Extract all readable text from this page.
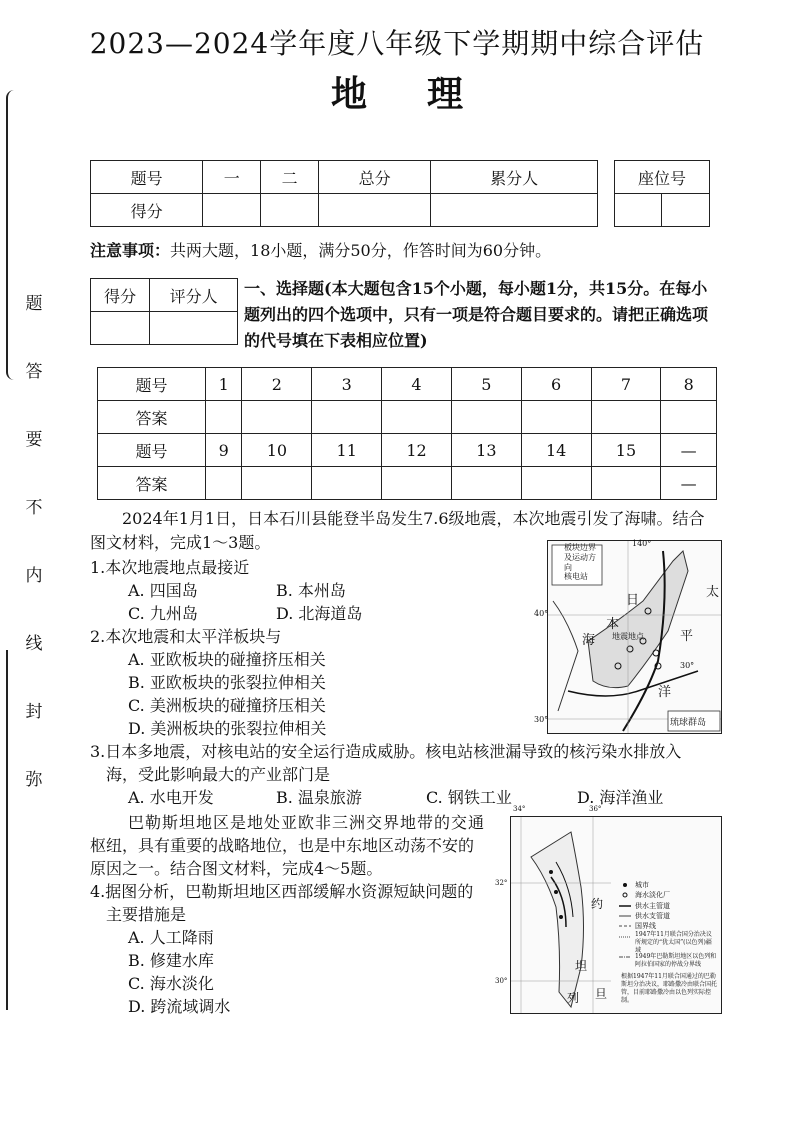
题
答
要
不
内
线
封
弥
2023—2024学年度八年级下学期期中综合评估
地理
题号	一	二	总分	累分人
得分				
座位号

注意事项：共两大题，18小题，满分50分，作答时间为60分钟。
得分	评分人
	一、选择题(本大题包含15个小题，每小题1分，共15分。在每小题列出的四个选项中，只有一项是符合题目要求的。请把正确选项的代号填在下表相应位置)
题号	1	2	3	4	5	6	7	8
答案								
题号	9	10	11	12	13	14	15	—
答案								—
2024年1月1日，日本石川县能登半岛发生7.6级地震，本次地震引发了海啸。结合图文材料，完成1～3题。
1.本次地震地点最接近
A. 四国岛	B. 本州岛
C. 九州岛	D. 北海道岛
2.本次地震和太平洋板块与
A. 亚欧板块的碰撞挤压相关
B. 亚欧板块的张裂拉伸相关
C. 美洲板块的碰撞挤压相关
D. 美洲板块的张裂拉伸相关
板块边界及运动方向
核电站
140°
40°
30°
30°
日
本
海 地震地点
太
平
洋
琉球群岛
3.日本多地震，对核电站的安全运行造成威胁。核电站核泄漏导致的核污染水排放入
海，受此影响最大的产业部门是
A. 水电开发	B. 温泉旅游	C. 钢铁工业	D. 海洋渔业
巴勒斯坦地区是地处亚欧非三洲交界地带的交通
枢纽，具有重要的战略地位，也是中东地区动荡不安的
原因之一。结合图文材料，完成4～5题。
4.据图分析，巴勒斯坦地区西部缓解水资源短缺问题的
主要措施是
A. 人工降雨
B. 修建水库
C. 海水淡化
D. 跨流域调水
34°	36°
32°
30°
约
旦
列
坦
城市
海水淡化厂
供水主管道
供水支管道
国界线
1947年11月联合国分治决议所规定的“犹太国”(以色列)疆域
1949年巴勒斯坦地区以色列和阿拉伯国家的停战分界线
根据1947年11月联合国通过的巴勒斯坦分治决议，耶路撒冷由联合国托管，目前耶路撒冷由以色列实际控制。
